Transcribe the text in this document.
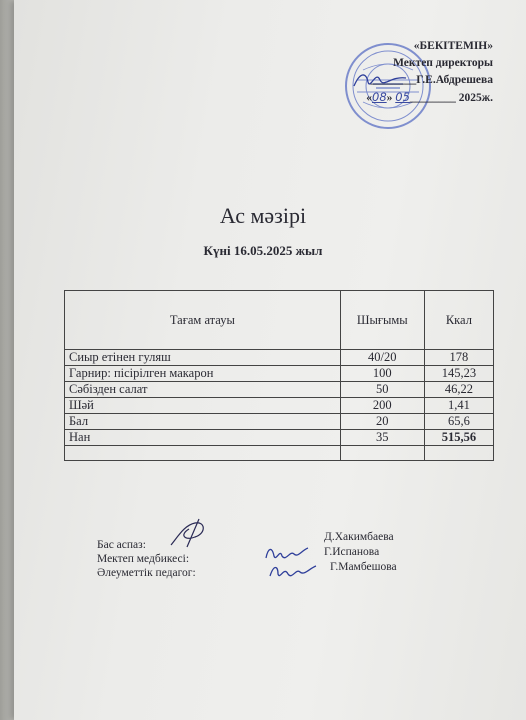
«БЕКІТЕМІН»
Мектеп директоры
________Г.Е.Абдрешева
«08» 05________ 2025ж.
Ас мәзірі
Күні 16.05.2025 жыл
Тағам атауы	Шығымы	Ккал
Сиыр етінен гуляш	40/20	178
Гарнир: пісірілген макарон	100	145,23
Сәбізден салат	50	46,22
Шәй	200	1,41
Бал	20	65,6
Нан	35	515,56

Бас аспаз:
Мектеп медбикесі:
Әлеуметтік педагог:
Д.Хакимбаева
Г.Испанова
Г.Мамбешова
